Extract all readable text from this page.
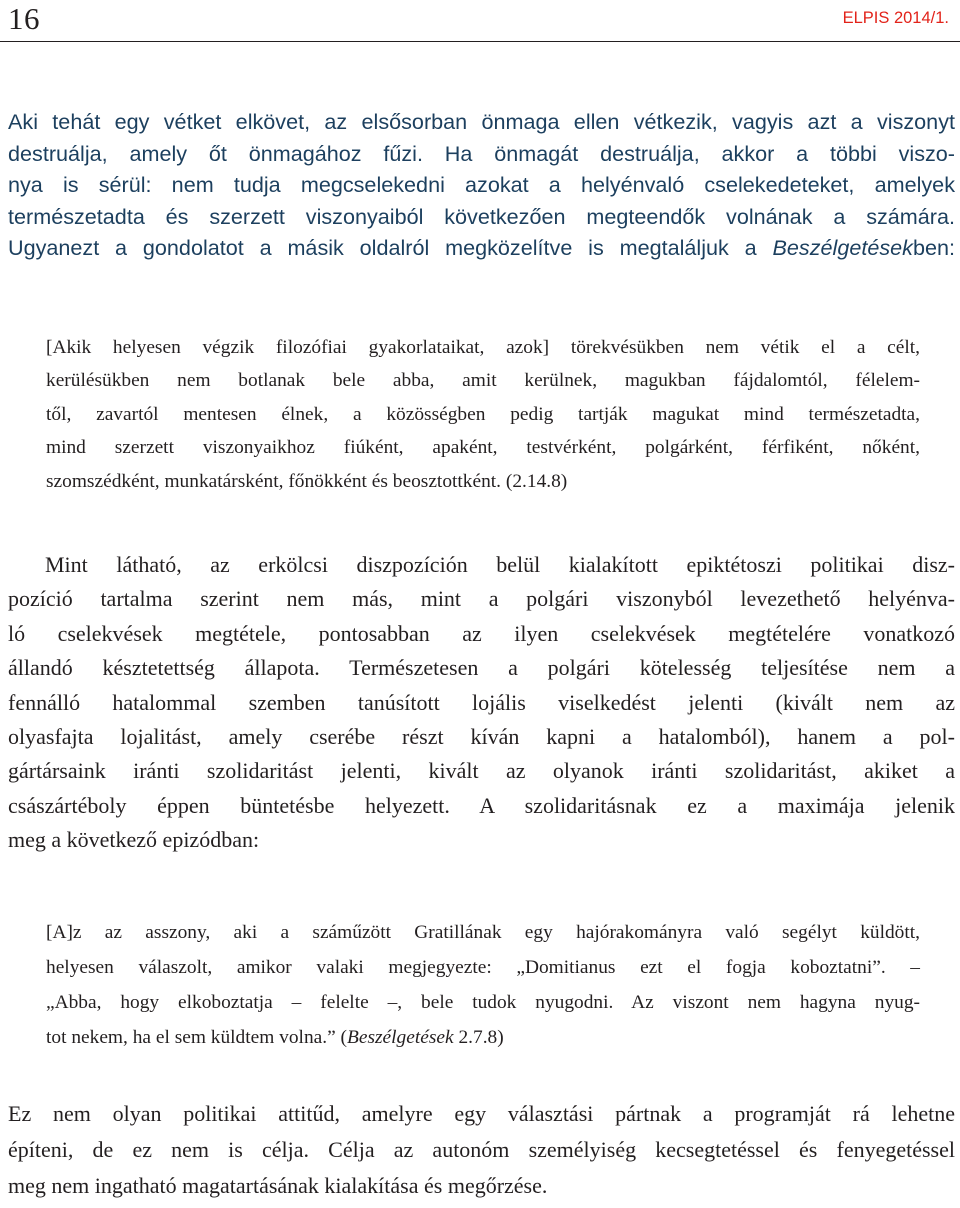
16	ELPIS 2014/1.
Aki tehát egy vétket elkövet, az elsősorban önmaga ellen vétkezik, vagyis azt a viszonyt
destruálja, amely őt önmagához fűzi. Ha önmagát destruálja, akkor a többi viszo-
nya is sérül: nem tudja megcselekedni azokat a helyénvaló cselekedeteket, amelyek
természetadta és szerzett viszonyaiból következően megteendők volnának a számára.
Ugyanezt a gondolatot a másik oldalról megközelítve is megtaláljuk a Beszélgetésekben:
[Akik helyesen végzik filozófiai gyakorlataikat, azok] törekvésükben nem vétik el a célt,
kerülésükben nem botlanak bele abba, amit kerülnek, magukban fájdalomtól, félelem-
től, zavartól mentesen élnek, a közösségben pedig tartják magukat mind természetadta,
mind szerzett viszonyaikhoz fiúként, apaként, testvérként, polgárként, férfiként, nőként,
szomszédként, munkatársként, főnökként és beosztottként. (2.14.8)
Mint látható, az erkölcsi diszpozíción belül kialakított epiktétoszi politikai disz-
pozíció tartalma szerint nem más, mint a polgári viszonyból levezethető helyénva-
ló cselekvések megtétele, pontosabban az ilyen cselekvések megtételére vonatkozó
állandó késztetettség állapota. Természetesen a polgári kötelesség teljesítése nem a
fennálló hatalommal szemben tanúsított lojális viselkedést jelenti (kivált nem az
olyasfajta lojalitást, amely cserébe részt kíván kapni a hatalomból), hanem a pol-
gártársaink iránti szolidaritást jelenti, kivált az olyanok iránti szolidaritást, akiket a
császártéboly éppen büntetésbe helyezett. A szolidaritásnak ez a maximája jelenik
meg a következő epizódban:
[A]z az asszony, aki a száműzött Gratillának egy hajórakományra való segélyt küldött,
helyesen válaszolt, amikor valaki megjegyezte: „Domitianus ezt el fogja koboztatni”. –
„Abba, hogy elkoboztatja – felelte –, bele tudok nyugodni. Az viszont nem hagyna nyug-
tot nekem, ha el sem küldtem volna.” (Beszélgetések 2.7.8)
Ez nem olyan politikai attitűd, amelyre egy választási pártnak a programját rá lehetne
építeni, de ez nem is célja. Célja az autonóm személyiség kecsegtetéssel és fenyegetéssel
meg nem ingatható magatartásának kialakítása és megőrzése.
